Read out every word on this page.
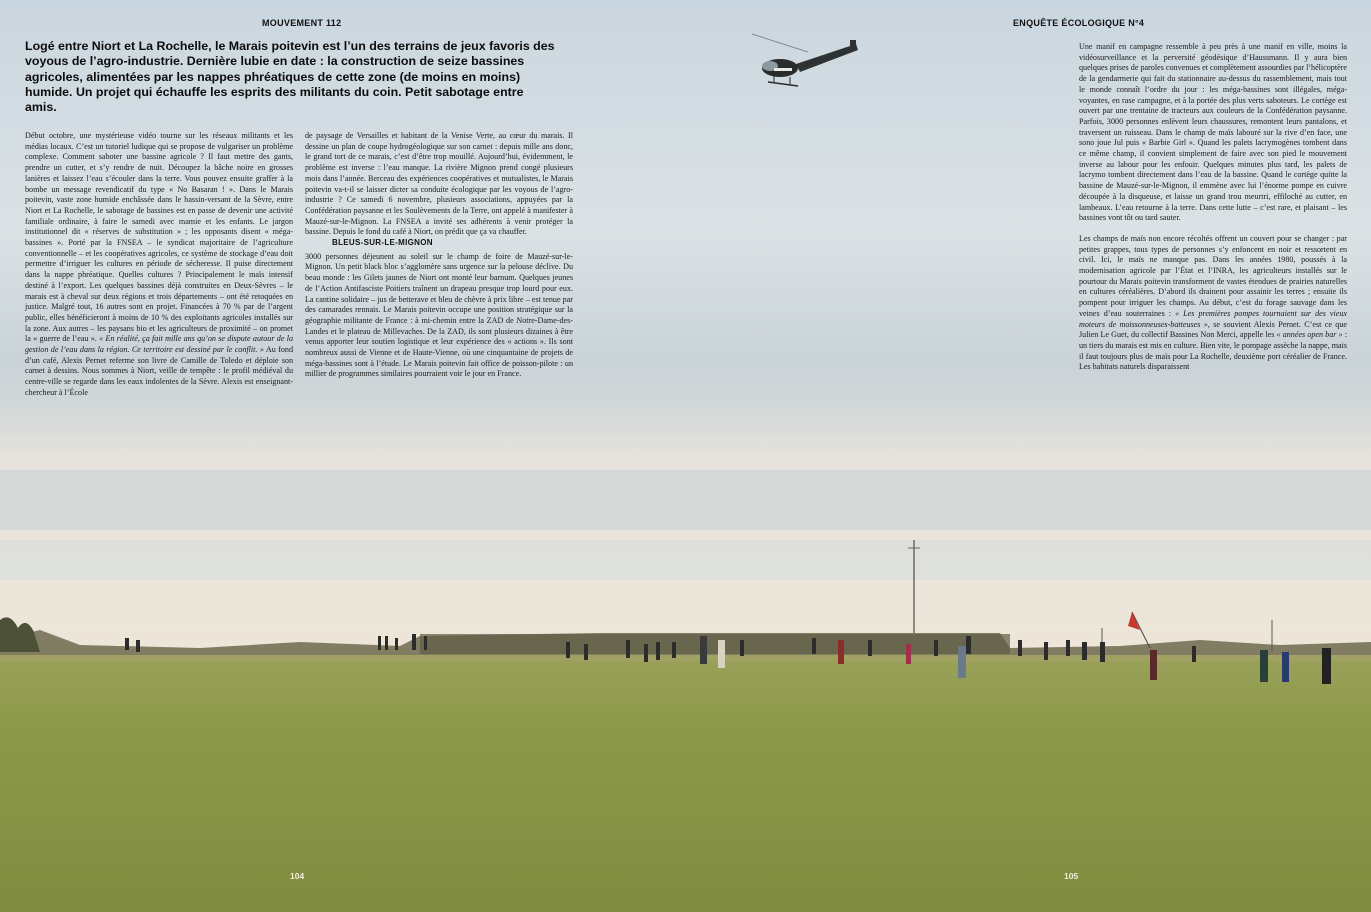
MOUVEMENT 112	ENQUÊTE ÉCOLOGIQUE N°4

Logé entre Niort et La Rochelle, le Marais poitevin est l’un des terrains de jeux favoris des voyous de l’agro-industrie. Dernière lubie en date : la construction de seize bassines agricoles, alimentées par les nappes phréatiques de cette zone (de moins en moins) humide. Un projet qui échauffe les esprits des militants du coin. Petit sabotage entre amis.

Début octobre, une mystérieuse vidéo tourne sur les réseaux militants et les médias locaux. C’est un tutoriel ludique qui se propose de vulgariser un problème complexe. Comment saboter une bassine agricole ? Il faut mettre des gants, prendre un cutter, et s’y rendre de nuit. Découpez la bâche noire en grosses lanières et laissez l’eau s’écouler dans la terre. Vous pouvez ensuite graffer à la bombe un message revendicatif du type « No Basaran ! ». Dans le Marais poitevin, vaste zone humide enchâssée dans le bassin-versant de la Sèvre, entre Niort et La Rochelle, le sabotage de bassines est en passe de devenir une activité familiale ordinaire, à faire le samedi avec mamie et les enfants. Le jargon institutionnel dit « réserves de substitution » ; les opposants disent « méga-bassines ». Porté par la FNSEA – le syndicat majoritaire de l’agriculture conventionnelle – et les coopératives agricoles, ce système de stockage d’eau doit permettre d’irriguer les cultures en période de sécheresse. Il puise directement dans la nappe phréatique. Quelles cultures ? Principalement le maïs intensif destiné à l’export. Les quelques bassines déjà construites en Deux-Sèvres – le marais est à cheval sur deux régions et trois départements – ont été retoquées en justice. Malgré tout, 16 autres sont en projet. Financées à 70 % par de l’argent public, elles bénéficieront à moins de 10 % des exploitants agricoles installés sur la zone. Aux autres – les paysans bio et les agriculteurs de proximité – on promet la « guerre de l’eau ». « En réalité, ça fait mille ans qu’on se dispute autour de la gestion de l’eau dans la région. Ce territoire est dessiné par le conflit. » Au fond d’un café, Alexis Pernet referme son livre de Camille de Toledo et déploie son carnet à dessins. Nous sommes à Niort, veille de tempête : le profil médiéval du centre-ville se regarde dans les eaux indolentes de la Sèvre. Alexis est enseignant-chercheur à l’École

de paysage de Versailles et habitant de la Venise Verte, au cœur du marais. Il dessine un plan de coupe hydrogéologique sur son carnet : depuis mille ans donc, le grand tort de ce marais, c’est d’être trop mouillé. Aujourd’hui, évidemment, le problème est inverse : l’eau manque. La rivière Mignon prend congé plusieurs mois dans l’année. Berceau des expériences coopératives et mutualistes, le Marais poitevin va-t-il se laisser dicter sa conduite écologique par les voyous de l’agro-industrie ? Ce samedi 6 novembre, plusieurs associations, appuyées par la Confédération paysanne et les Soulèvements de la Terre, ont appelé à manifester à Mauzé-sur-le-Mignon. La FNSEA a invité ses adhérents à venir protéger la bassine. Depuis le fond du café à Niort, on prédit que ça va chauffer.

BLEUS-SUR-LE-MIGNON

3000 personnes déjeunent au soleil sur le champ de foire de Mauzé-sur-le-Mignon. Un petit black bloc s’agglomère sans urgence sur la pelouse déclive. Du beau monde : les Gilets jaunes de Niort ont monté leur barnum. Quelques jeunes de l’Action Antifasciste Poitiers traînent un drapeau presque trop lourd pour eux. La cantine solidaire – jus de betterave et bleu de chèvre à prix libre – est tenue par des camarades rennais. Le Marais poitevin occupe une position stratégique sur la géographie militante de France : à mi-chemin entre la ZAD de Notre-Dame-des-Landes et le plateau de Millevaches. De la ZAD, ils sont plusieurs dizaines à être venus apporter leur soutien logistique et leur expérience des « actions ». Ils sont nombreux aussi de Vienne et de Haute-Vienne, où une cinquantaine de projets de méga-bassines sont à l’étude. Le Marais poitevin fait office de poisson-pilote : un millier de programmes similaires pourraient voir le jour en France.

Une manif en campagne ressemble à peu près à une manif en ville, moins la vidéosurveillance et la perversité géodésique d’Haussmann. Il y aura bien quelques prises de paroles convenues et complètement assourdies par l’hélicoptère de la gendarmerie qui fait du stationnaire au-dessus du rassemblement, mais tout le monde connaît l’ordre du jour : les méga-bassines sont illégales, méga-voyantes, en rase campagne, et à la portée des plus verts saboteurs. Le cortège est ouvert par une trentaine de tracteurs aux couleurs de la Confédération paysanne. Parfois, 3000 personnes enlèvent leurs chaussures, remontent leurs pantalons, et traversent un ruisseau. Dans le champ de maïs labouré sur la rive d’en face, une sono joue Jul puis « Barbie Girl ». Quand les palets lacrymogènes tombent dans ce même champ, il convient simplement de faire avec son pied le mouvement inverse au labour pour les enfouir. Quelques minutes plus tard, les palets de lacrymo tombent directement dans l’eau de la bassine. Quand le cortège quitte la bassine de Mauzé-sur-le-Mignon, il emmène avec lui l’énorme pompe en cuivre découpée à la disqueuse, et laisse un grand trou meurtri, effiloché au cutter, en lambeaux. L’eau retourne à la terre. Dans cette lutte – c’est rare, et plaisant – les bassines vont tôt ou tard sauter.

Les champs de maïs non encore récoltés offrent un couvert pour se changer : par petites grappes, tous types de personnes s’y enfoncent en noir et ressortent en civil. Ici, le maïs ne manque pas. Dans les années 1980, poussés à la modernisation agricole par l’État et l’INRA, les agriculteurs installés sur le pourtour du Marais poitevin transforment de vastes étendues de prairies naturelles en cultures céréalières. D’abord ils drainent pour assainir les terres ; ensuite ils pompent pour irriguer les champs. Au début, c’est du forage sauvage dans les veines d’eau souterraines : « Les premières pompes tournaient sur des vieux moteurs de moissonneuses-batteuses », se souvient Alexis Pernet. C’est ce que Julien Le Guet, du collectif Bassines Non Merci, appelle les « années open bar » : un tiers du marais est mis en culture. Bien vite, le pompage assèche la nappe, mais il faut toujours plus de maïs pour La Rochelle, deuxième port céréalier de France. Les habitats naturels disparaissent

104	105
